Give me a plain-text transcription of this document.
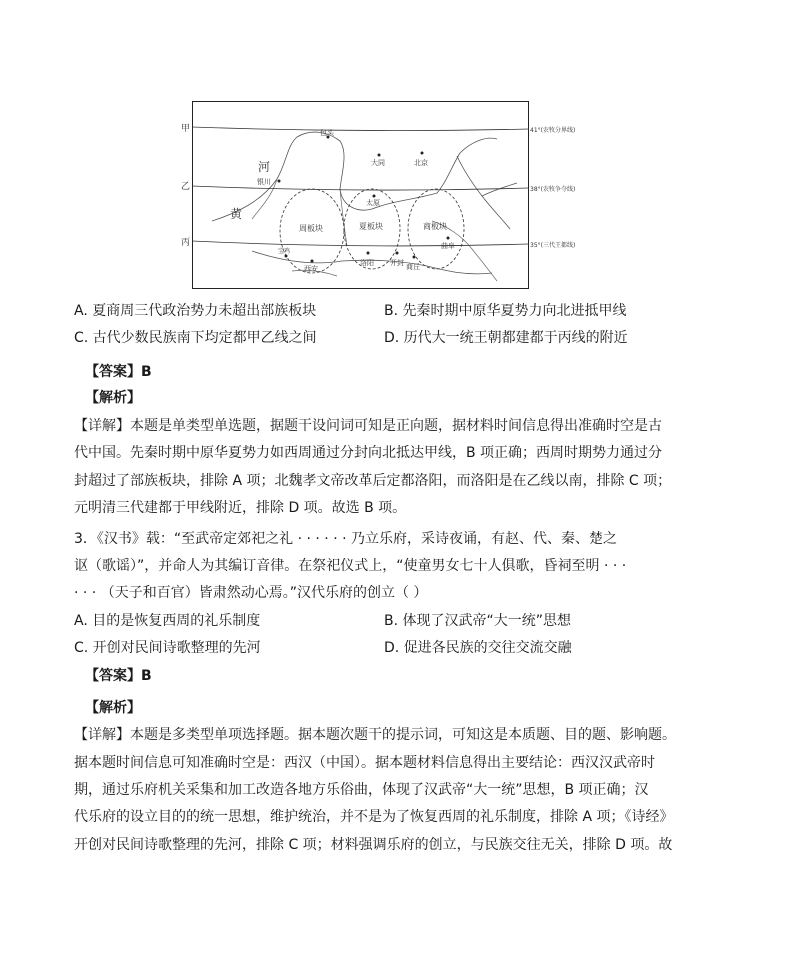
甲
乙
丙
41°(农牧分界线)
38°(农牧争夺线)
35°(三代王都线)
河
黄
包头
大同	北京
银川
太原
宝鸡
西安
洛阳 开封 商丘
曲阜
周板块	夏板块	商板块
A. 夏商周三代政治势力未超出部族板块	B. 先秦时期中原华夏势力向北进抵甲线
C. 古代少数民族南下均定都甲乙线之间	D. 历代大一统王朝都建都于丙线的附近
【答案】B
【解析】
【详解】本题是单类型单选题，据题干设问词可知是正向题，据材料时间信息得出准确时空是古
代中国。先秦时期中原华夏势力如西周通过分封向北抵达甲线，B 项正确；西周时期势力通过分
封超过了部族板块，排除 A 项；北魏孝文帝改革后定都洛阳，而洛阳是在乙线以南，排除 C 项；
元明清三代建都于甲线附近，排除 D 项。故选 B 项。
3．《汉书》载：“至武帝定郊祀之礼 · · · · · · 乃立乐府，采诗夜诵，有赵、代、秦、楚之
讴（歌谣）”，并命人为其编订音律。在祭祀仪式上，“使童男女七十人俱歌，昏祠至明 · · ·
· · · （天子和百官）皆肃然动心焉。”汉代乐府的创立（ ）
A. 目的是恢复西周的礼乐制度	B. 体现了汉武帝“大一统”思想
C. 开创对民间诗歌整理的先河	D. 促进各民族的交往交流交融
【答案】B
【解析】
【详解】本题是多类型单项选择题。据本题次题干的提示词，可知这是本质题、目的题、影响题。
据本题时间信息可知准确时空是：西汉（中国）。据本题材料信息得出主要结论：西汉汉武帝时
期，通过乐府机关采集和加工改造各地方乐俗曲，体现了汉武帝“大一统”思想，B 项正确；汉
代乐府的设立目的的统一思想，维护统治，并不是为了恢复西周的礼乐制度，排除 A 项；《诗经》
开创对民间诗歌整理的先河，排除 C 项；材料强调乐府的创立，与民族交往无关，排除 D 项。故
